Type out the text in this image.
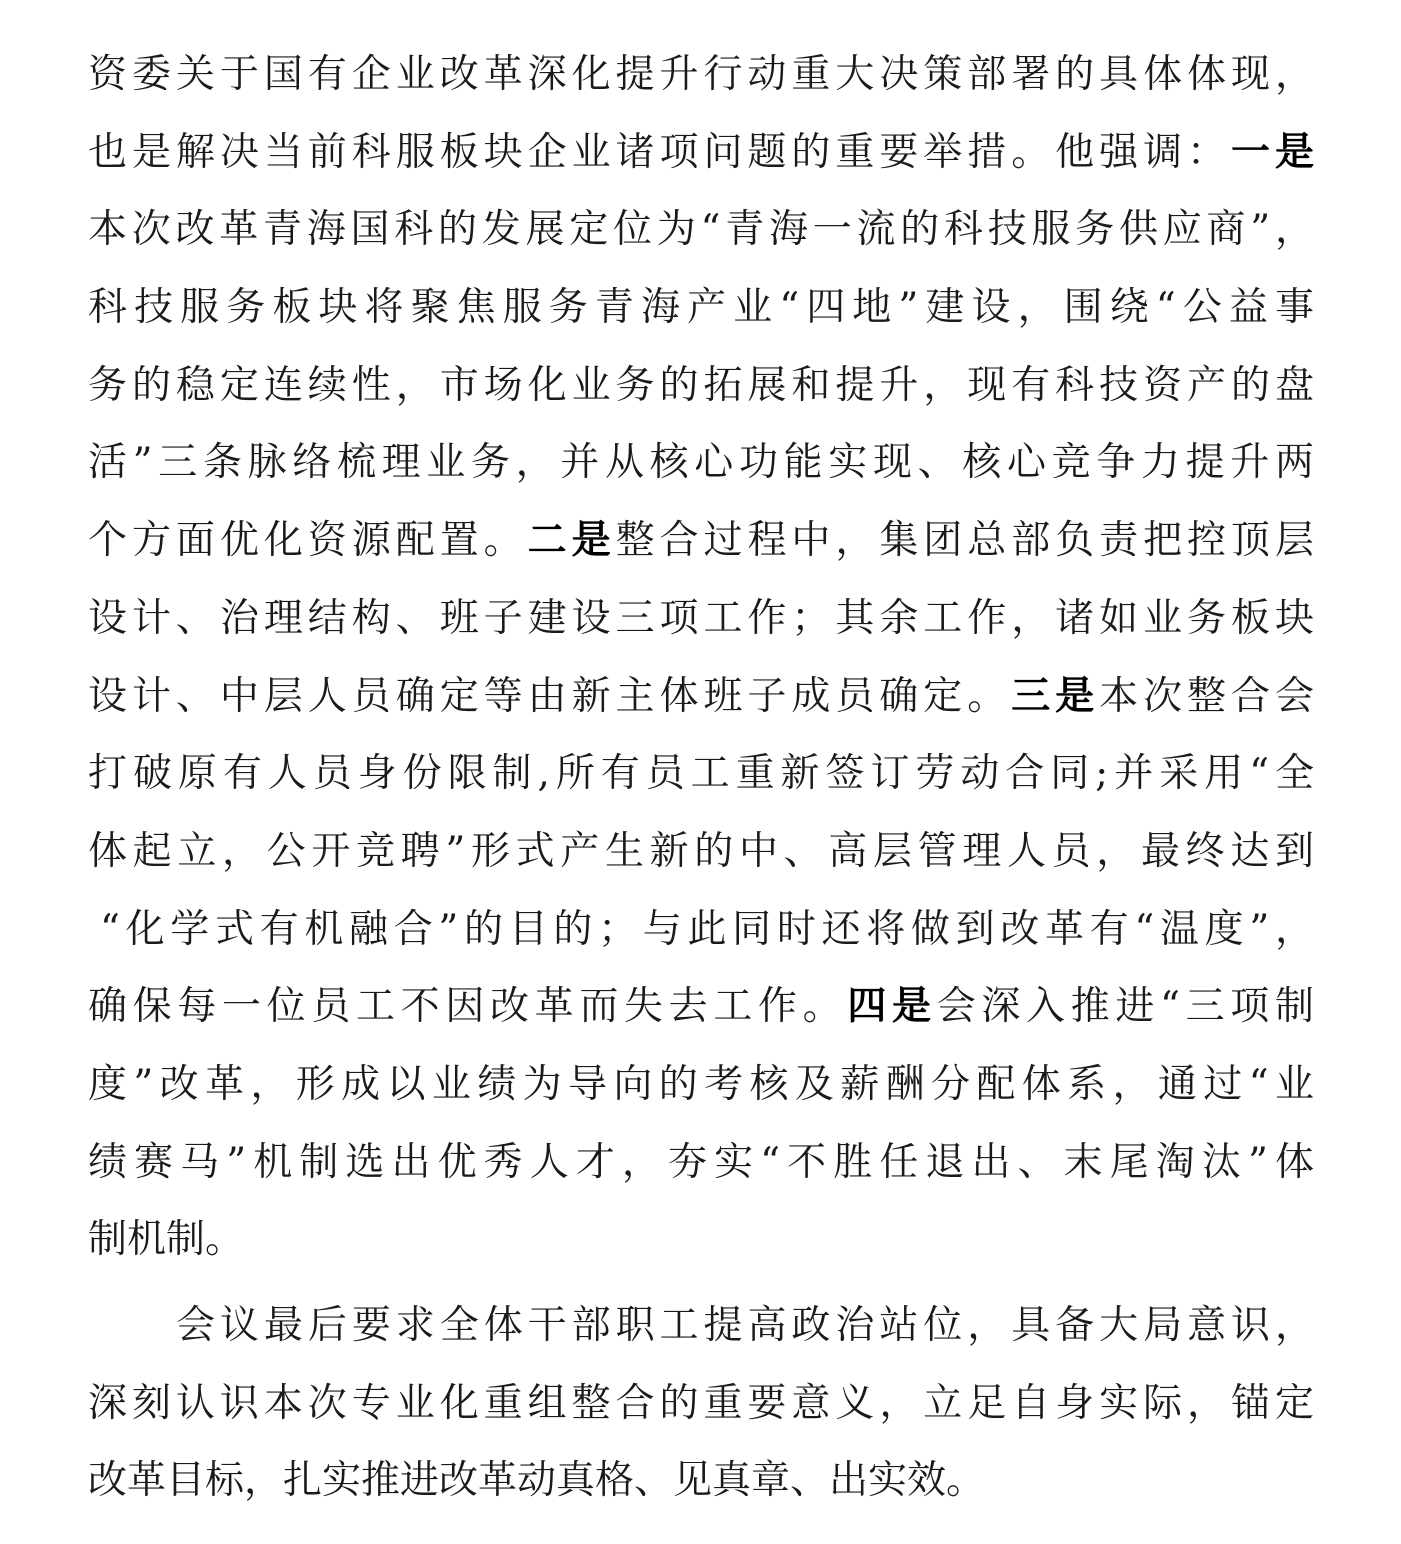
资委关于国有企业改革深化提升行动重大决策部署的具体体现，
也是解决当前科服板块企业诸项问题的重要举措。他强调：一是
本次改革青海国科的发展定位为“青海一流的科技服务供应商”，
科技服务板块将聚焦服务青海产业“四地”建设，围绕“公益事
务的稳定连续性，市场化业务的拓展和提升，现有科技资产的盘
活”三条脉络梳理业务，并从核心功能实现、核心竞争力提升两
个方面优化资源配置。二是整合过程中，集团总部负责把控顶层
设计、治理结构、班子建设三项工作；其余工作，诸如业务板块
设计、中层人员确定等由新主体班子成员确定。三是本次整合会
打破原有人员身份限制,所有员工重新签订劳动合同;并采用“全
体起立，公开竞聘”形式产生新的中、高层管理人员，最终达到
“化学式有机融合”的目的；与此同时还将做到改革有“温度”，
确保每一位员工不因改革而失去工作。四是会深入推进“三项制
度”改革，形成以业绩为导向的考核及薪酬分配体系，通过“业
绩赛马”机制选出优秀人才，夯实“不胜任退出、末尾淘汰”体
制机制。
会议最后要求全体干部职工提高政治站位，具备大局意识，
深刻认识本次专业化重组整合的重要意义，立足自身实际，锚定
改革目标，扎实推进改革动真格、见真章、出实效。
